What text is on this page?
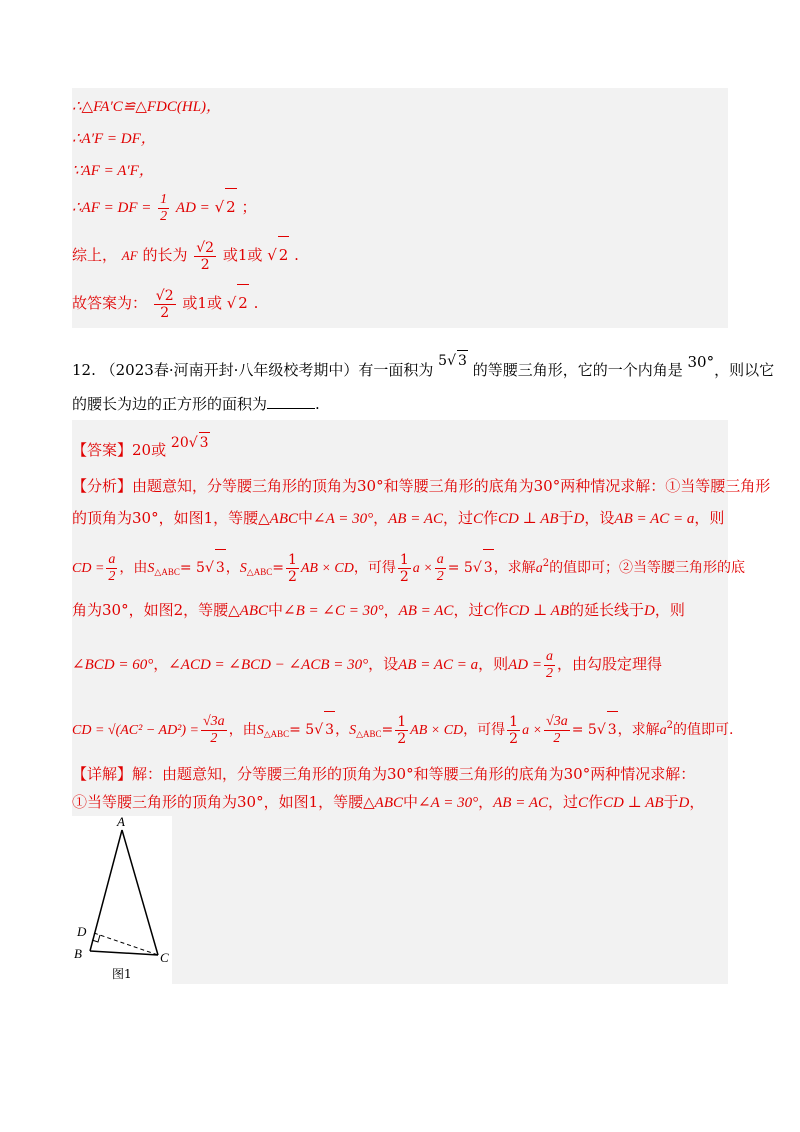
∴△FA′C≌△FDC(HL)，
∴A′F = DF，
∵AF = A′F，
∴AF = DF = $\frac{1}{2}$ AD = √ 2 ；
综上， AF 的长为 $\frac{√2}{2}$ 或1或 √ 2 .
故答案为： $\frac{√2}{2}$ 或1或 √ 2 .
12. （2023春·河南开封·八年级校考期中）有一面积为 5√ 3 的等腰三角形，它的一个内角是 30°，则以它
的腰长为边的正方形的面积为	.
【答案】20或 20√ 3
【分析】由题意知，分等腰三角形的顶角为30°和等腰三角形的底角为30°两种情况求解：①当等腰三角形
的顶角为30°，如图1，等腰△ABC中∠A = 30°，AB = AC，过C作CD ⊥ AB于D，设AB = AC = a，则
CD = $\frac{a}{2}$ ，由$S_{\triangle ABC}= 5√$ 3，$S_{\triangle ABC}= \frac{1}{2}$ AB × CD，可得 $\frac{1}{2}$ $a \times \frac{a}{2} = 5√$ 3，求解$a^2$的值即可；②当等腰三角形的底
角为30°，如图2，等腰△ABC中∠B = ∠C = 30°，AB = AC，过C作CD ⊥ AB的延长线于D，则
∠BCD = 60°，∠ACD = ∠BCD − ∠ACB = 30°，设AB = AC = a，则AD = $\frac{a}{2}$ ，由勾股定理得
CD = $√(AC^2 - AD^2) = \frac{√3a}{2}$ ，由$S_{\triangle ABC}= 5√$ 3，$S_{\triangle ABC}= \frac{1}{2}$ AB × CD，可得 $\frac{1}{2}$ $a \times \frac{√3a}{2} = 5√$ 3，求解$a^2$的值即可.
【详解】解：由题意知，分等腰三角形的顶角为30°和等腰三角形的底角为30°两种情况求解：
①当等腰三角形的顶角为30°，如图1，等腰△ABC中∠A = 30°，AB = AC，过C作CD ⊥ AB于D，
A
D
B	C
图1
